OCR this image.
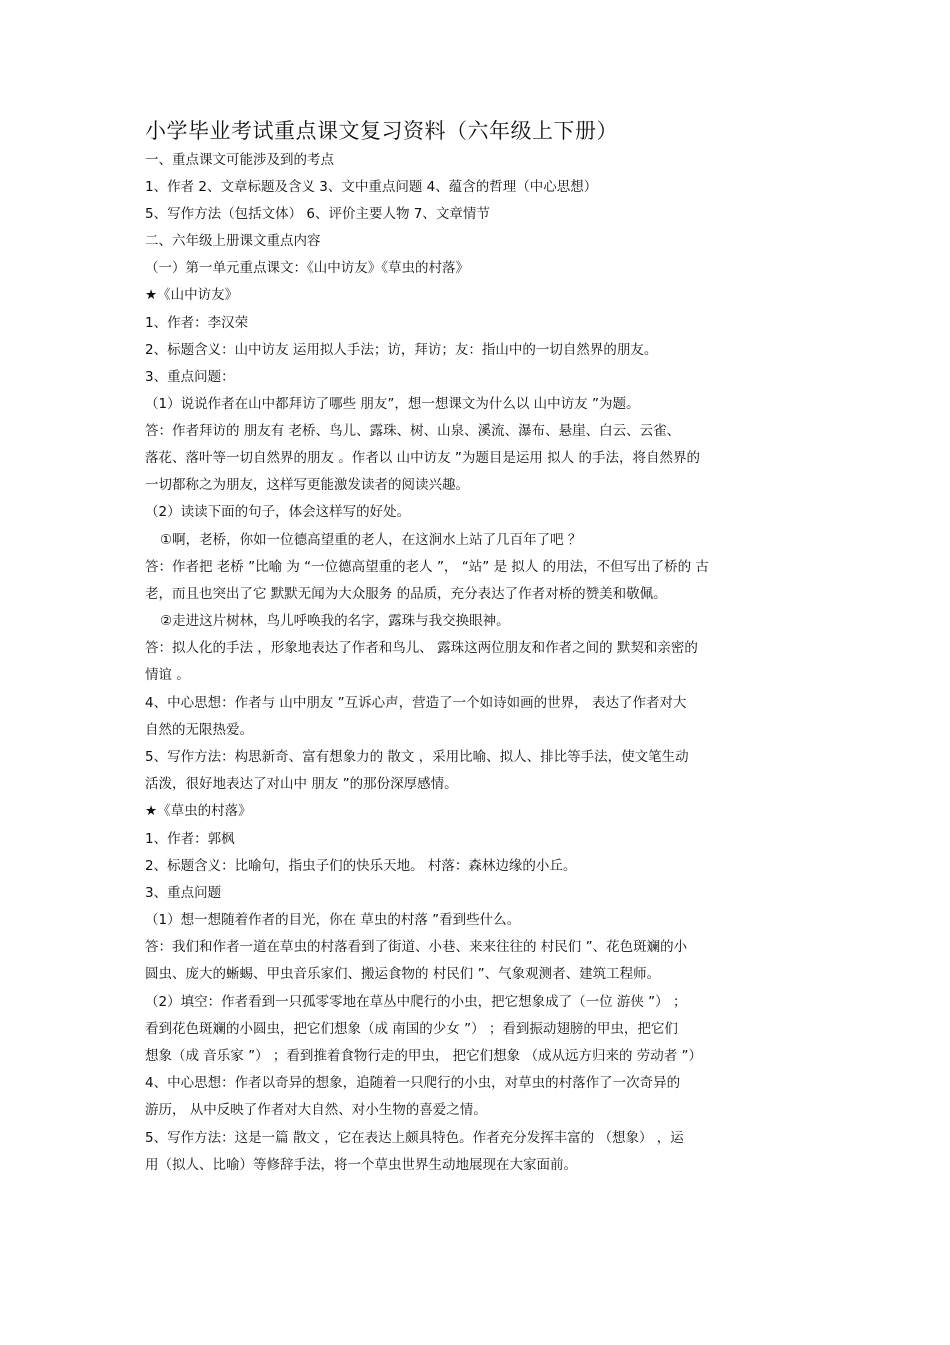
小学毕业考试重点课文复习资料（六年级上下册）
一、重点课文可能涉及到的考点
1、作者 2、文章标题及含义 3、文中重点问题 4、蕴含的哲理（中心思想）
5、写作方法（包括文体） 6、评价主要人物 7、文章情节
二、六年级上册课文重点内容
（一）第一单元重点课文：《山中访友》《草虫的村落》
★《山中访友》
1、作者：李汉荣
2、标题含义：山中访友 运用拟人手法；访，拜访；友：指山中的一切自然界的朋友。
3、重点问题：
（1）说说作者在山中都拜访了哪些 朋友”，想一想课文为什么以 山中访友 ”为题。
答：作者拜访的 朋友有 老桥、鸟儿、露珠、树、山泉、溪流、瀑布、悬崖、白云、云雀、
落花、落叶等一切自然界的朋友 。作者以 山中访友 ”为题目是运用 拟人 的手法，将自然界的
一切都称之为朋友，这样写更能激发读者的阅读兴趣。
（2）读读下面的句子，体会这样写的好处。
①啊，老桥，你如一位德高望重的老人，在这涧水上站了几百年了吧 ？
答：作者把 老桥 ”比喻 为 “一位德高望重的老人 ”， “站” 是 拟人 的用法，不但写出了桥的 古
老，而且也突出了它 默默无闻为大众服务 的品质，充分表达了作者对桥的赞美和敬佩。
②走进这片树林，鸟儿呼唤我的名字，露珠与我交换眼神。
答：拟人化的手法 ，形象地表达了作者和鸟儿、 露珠这两位朋友和作者之间的 默契和亲密的
情谊 。
4、中心思想：作者与 山中朋友 ”互诉心声，营造了一个如诗如画的世界， 表达了作者对大
自然的无限热爱。
5、写作方法：构思新奇、富有想象力的 散文 ，采用比喻、拟人、排比等手法，使文笔生动
活泼，很好地表达了对山中 朋友 ”的那份深厚感情。
★《草虫的村落》
1、作者：郭枫
2、标题含义：比喻句，指虫子们的快乐天地。 村落：森林边缘的小丘。
3、重点问题
（1）想一想随着作者的目光，你在 草虫的村落 ”看到些什么。
答：我们和作者一道在草虫的村落看到了街道、小巷、来来往往的 村民们 ”、花色斑斓的小
圆虫、庞大的蜥蜴、甲虫音乐家们、搬运食物的 村民们 ”、气象观测者、建筑工程师。
（2）填空：作者看到一只孤零零地在草丛中爬行的小虫，把它想象成了（一位 游侠 ”） ；
看到花色斑斓的小圆虫，把它们想象（成 南国的少女 ”） ；看到振动翅膀的甲虫，把它们
想象（成 音乐家 ”） ；看到推着食物行走的甲虫， 把它们想象 （成从远方归来的 劳动者 ”）
4、中心思想：作者以奇异的想象，追随着一只爬行的小虫，对草虫的村落作了一次奇异的
游历， 从中反映了作者对大自然、对小生物的喜爱之情。
5、写作方法：这是一篇 散文 ，它在表达上颇具特色。作者充分发挥丰富的 （想象） ，运
用（拟人、比喻）等修辞手法，将一个草虫世界生动地展现在大家面前。
